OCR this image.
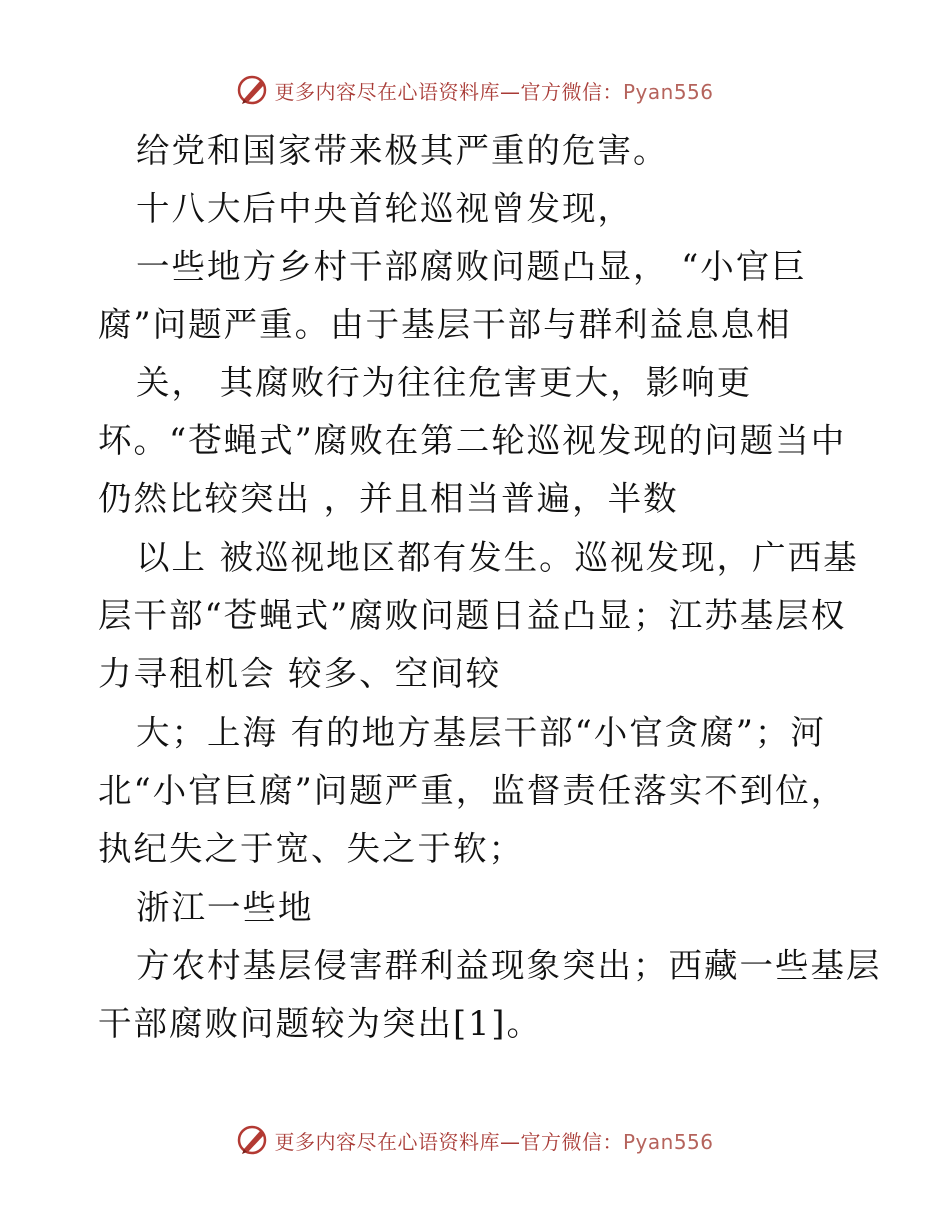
更多内容尽在心语资料库—官方微信：Pyan556
给党和国家带来极其严重的危害。
十八大后中央首轮巡视曾发现，
一些地方乡村干部腐败问题凸显， “小官巨
腐”问题严重。由于基层干部与群利益息息相
关， 其腐败行为往往危害更大，影响更
坏。“苍蝇式”腐败在第二轮巡视发现的问题当中
仍然比较突出 ，并且相当普遍，半数
以上 被巡视地区都有发生。巡视发现，广西基
层干部“苍蝇式”腐败问题日益凸显；江苏基层权
力寻租机会 较多、空间较
大；上海 有的地方基层干部“小官贪腐”；河
北“小官巨腐”问题严重，监督责任落实不到位，
执纪失之于宽、失之于软；
浙江一些地
方农村基层侵害群利益现象突出；西藏一些基层
干部腐败问题较为突出[1]。
更多内容尽在心语资料库—官方微信：Pyan556
